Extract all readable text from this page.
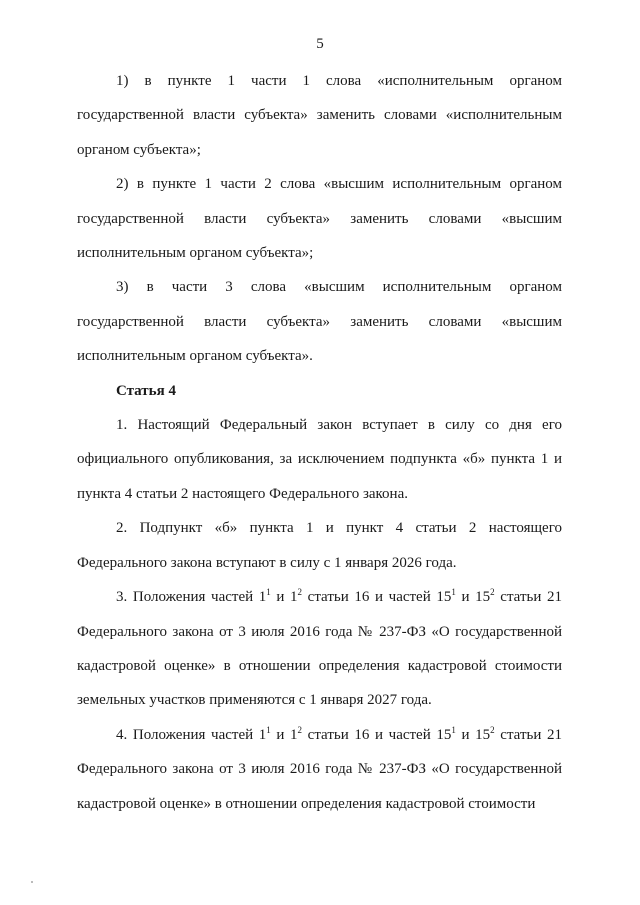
5

1) в пункте 1 части 1 слова «исполнительным органом государственной власти субъекта» заменить словами «исполнительным органом субъекта»;

2) в пункте 1 части 2 слова «высшим исполнительным органом государственной власти субъекта» заменить словами «высшим исполнительным органом субъекта»;

3) в части 3 слова «высшим исполнительным органом государственной власти субъекта» заменить словами «высшим исполнительным органом субъекта».

Статья 4

1. Настоящий Федеральный закон вступает в силу со дня его официального опубликования, за исключением подпункта «б» пункта 1 и пункта 4 статьи 2 настоящего Федерального закона.

2. Подпункт «б» пункта 1 и пункт 4 статьи 2 настоящего Федерального закона вступают в силу с 1 января 2026 года.

3. Положения частей $1^1$ и $1^2$ статьи 16 и частей $15^1$ и $15^2$ статьи 21 Федерального закона от 3 июля 2016 года № 237-ФЗ «О государственной кадастровой оценке» в отношении определения кадастровой стоимости земельных участков применяются с 1 января 2027 года.

4. Положения частей $1^1$ и $1^2$ статьи 16 и частей $15^1$ и $15^2$ статьи 21 Федерального закона от 3 июля 2016 года № 237-ФЗ «О государственной кадастровой оценке» в отношении определения кадастровой стоимости
